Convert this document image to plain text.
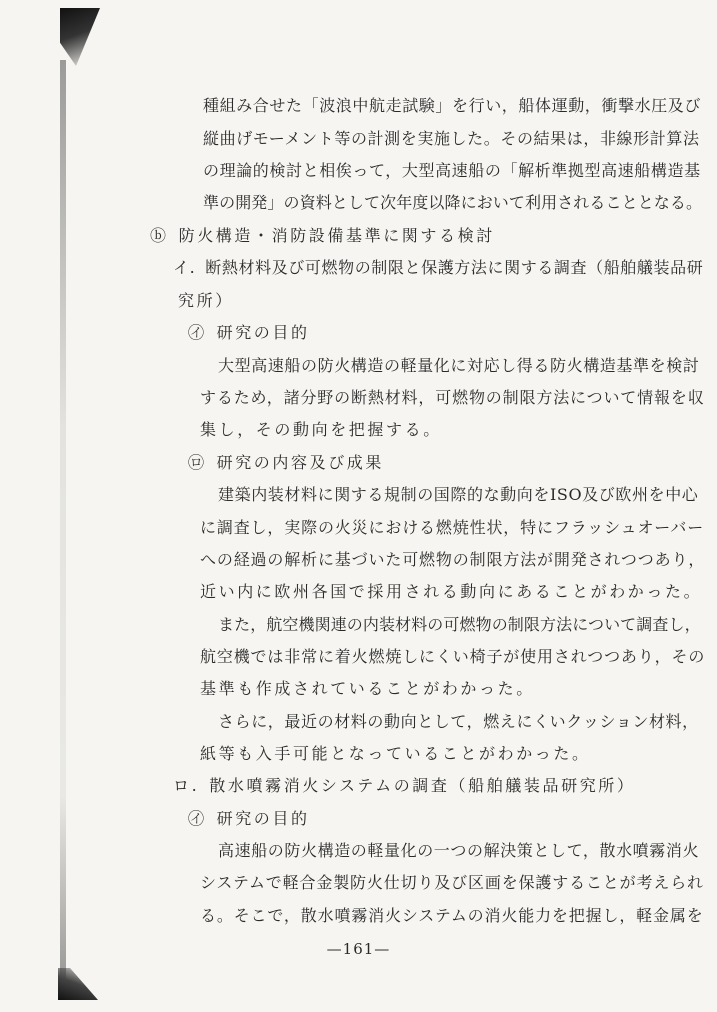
種組み合せた「波浪中航走試験」を行い，船体運動，衝撃水圧及び
縦曲げモーメント等の計測を実施した。その結果は，非線形計算法
の理論的検討と相俟って，大型高速船の「解析準拠型高速船構造基
準の開発」の資料として次年度以降において利用されることとなる。
ⓑ 防火構造・消防設備基準に関する検討
イ. 断熱材料及び可燃物の制限と保護方法に関する調査（船舶艤装品研
究所）
㋑ 研究の目的
大型高速船の防火構造の軽量化に対応し得る防火構造基準を検討
するため，諸分野の断熱材料，可燃物の制限方法について情報を収
集し，その動向を把握する。
㋺ 研究の内容及び成果
建築内装材料に関する規制の国際的な動向をISO及び欧州を中心
に調査し，実際の火災における燃焼性状，特にフラッシュオーバー
への経過の解析に基づいた可燃物の制限方法が開発されつつあり，
近い内に欧州各国で採用される動向にあることがわかった。
また，航空機関連の内装材料の可燃物の制限方法について調査し，
航空機では非常に着火燃焼しにくい椅子が使用されつつあり，その
基準も作成されていることがわかった。
さらに，最近の材料の動向として，燃えにくいクッション材料，
紙等も入手可能となっていることがわかった。
ロ. 散水噴霧消火システムの調査（船舶艤装品研究所）
㋑ 研究の目的
高速船の防火構造の軽量化の一つの解決策として，散水噴霧消火
システムで軽合金製防火仕切り及び区画を保護することが考えられ
る。そこで，散水噴霧消火システムの消火能力を把握し，軽金属を
—161—
